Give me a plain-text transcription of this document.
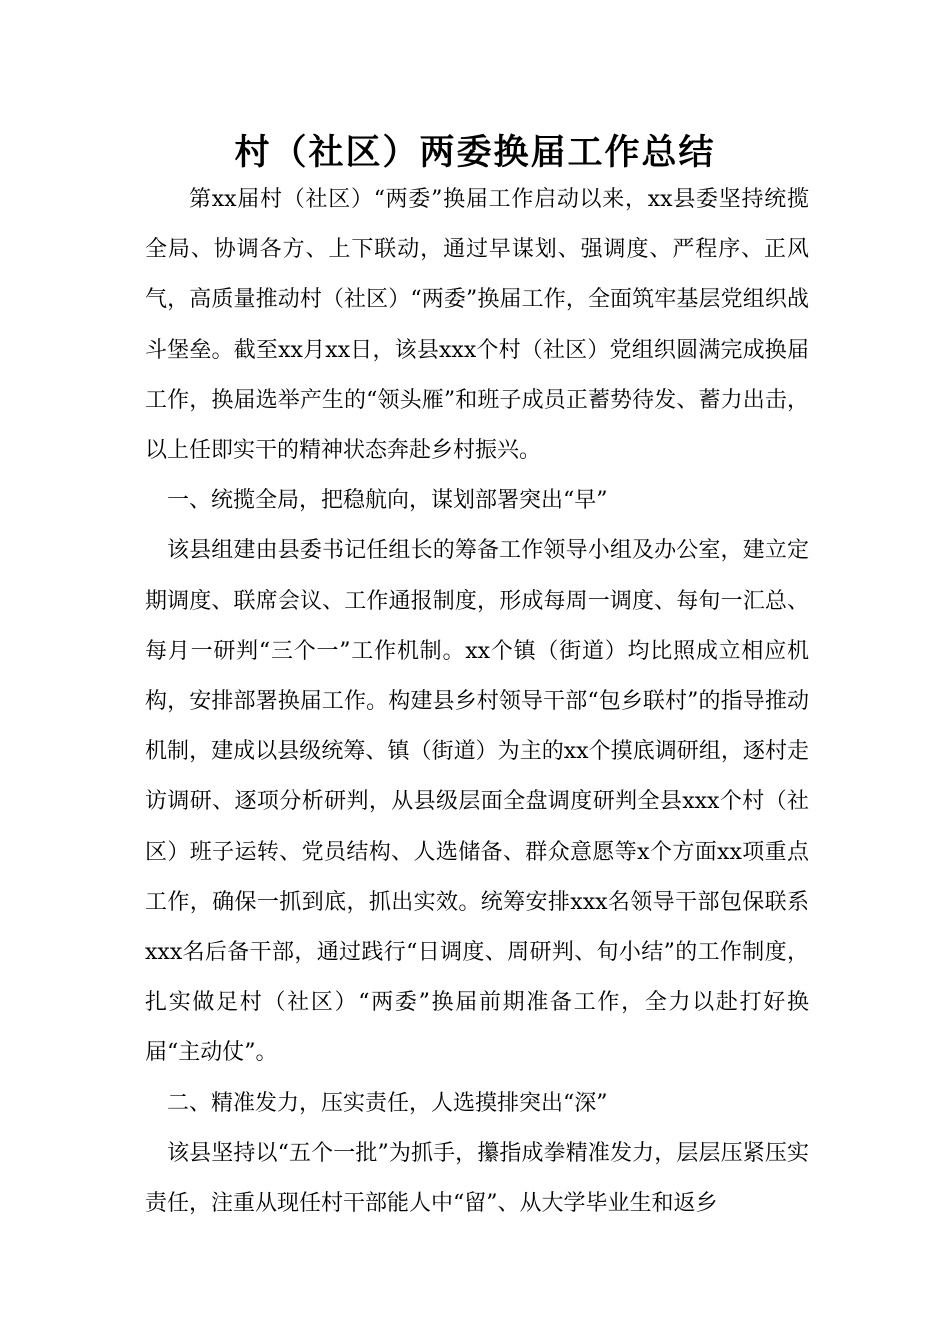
村（社区）两委换届工作总结

第xx届村（社区）“两委”换届工作启动以来，xx县委坚持统揽全局、协调各方、上下联动，通过早谋划、强调度、严程序、正风气，高质量推动村（社区）“两委”换届工作，全面筑牢基层党组织战斗堡垒。截至xx月xx日，该县xxx个村（社区）党组织圆满完成换届工作，换届选举产生的“领头雁”和班子成员正蓄势待发、蓄力出击，以上任即实干的精神状态奔赴乡村振兴。

一、统揽全局，把稳航向，谋划部署突出“早”

该县组建由县委书记任组长的筹备工作领导小组及办公室，建立定期调度、联席会议、工作通报制度，形成每周一调度、每旬一汇总、每月一研判“三个一”工作机制。xx个镇（街道）均比照成立相应机构，安排部署换届工作。构建县乡村领导干部“包乡联村”的指导推动机制，建成以县级统筹、镇（街道）为主的xx个摸底调研组，逐村走访调研、逐项分析研判，从县级层面全盘调度研判全县xxx个村（社区）班子运转、党员结构、人选储备、群众意愿等x个方面xx项重点工作，确保一抓到底，抓出实效。统筹安排xxx名领导干部包保联系xxx名后备干部，通过践行“日调度、周研判、旬小结”的工作制度，扎实做足村（社区）“两委”换届前期准备工作，全力以赴打好换届“主动仗”。

二、精准发力，压实责任，人选摸排突出“深”

该县坚持以“五个一批”为抓手，攥指成拳精准发力，层层压紧压实责任，注重从现任村干部能人中“留”、从大学毕业生和返乡
